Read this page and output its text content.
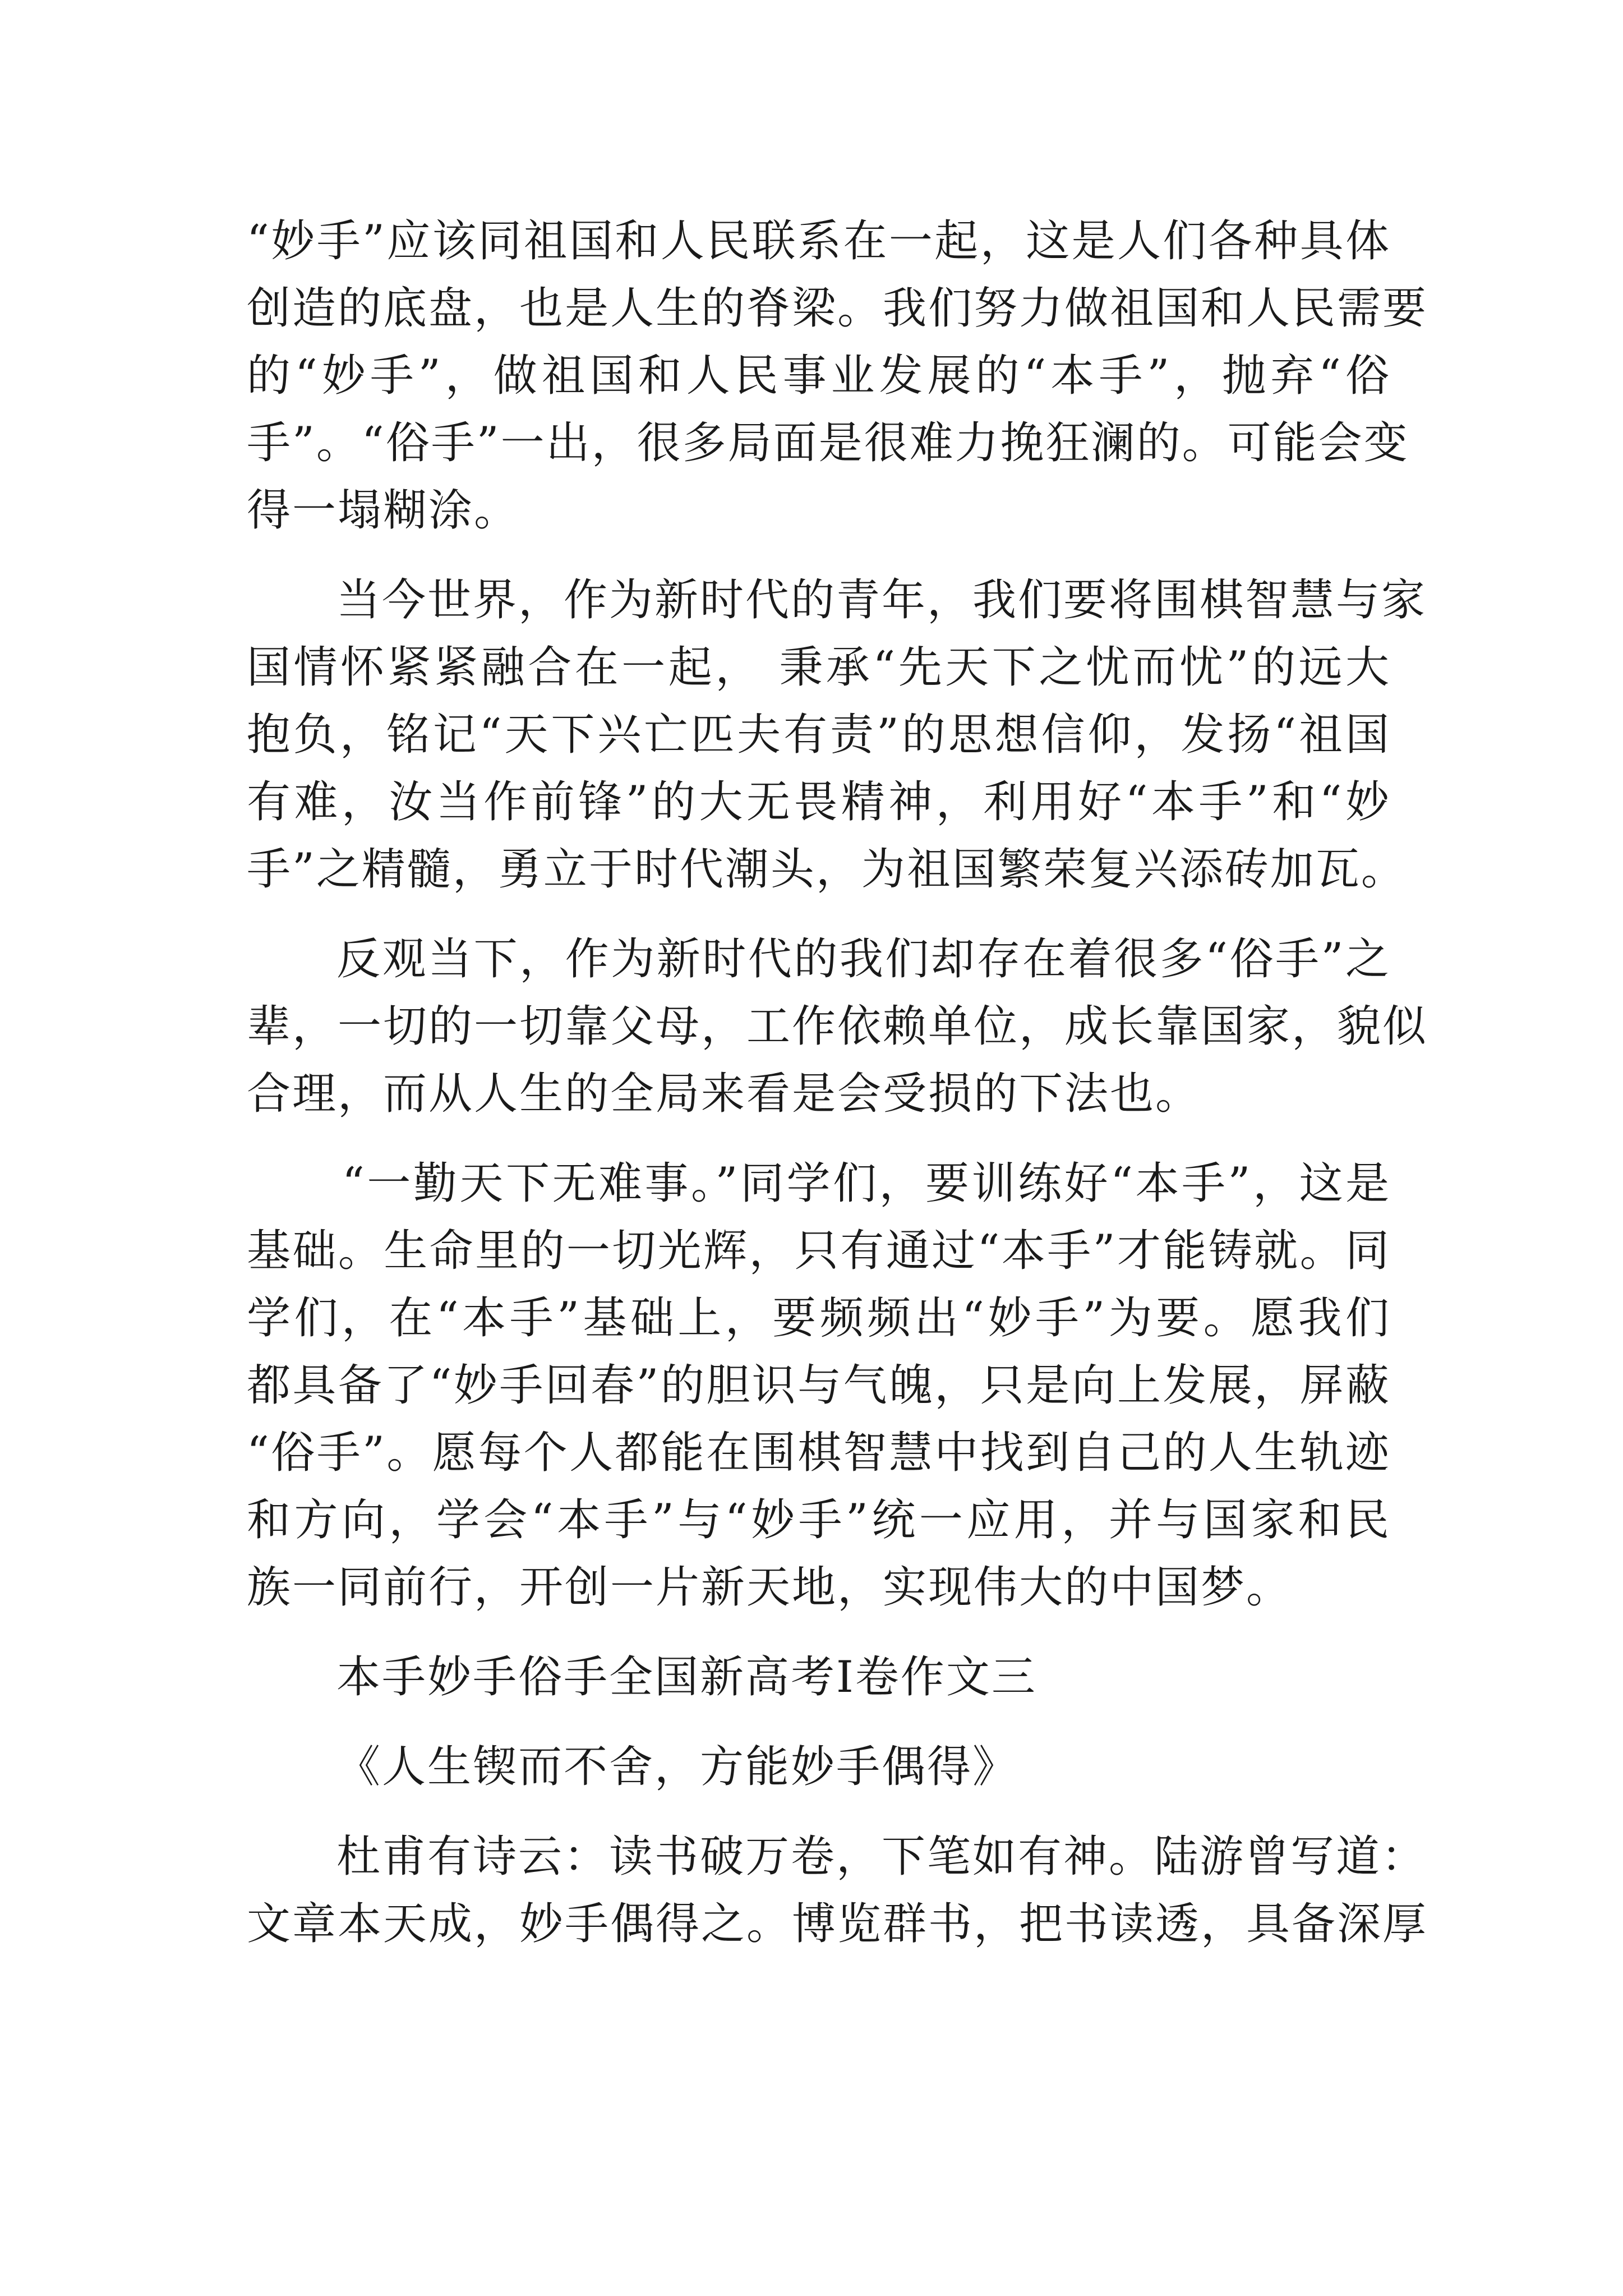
“妙手”应该同祖国和人民联系在一起，这是人们各种具体
创造的底盘，也是人生的脊梁。我们努力做祖国和人民需要
的“妙手”，做祖国和人民事业发展的“本手”，抛弃“俗
手”。“俗手”一出，很多局面是很难力挽狂澜的。可能会变
得一塌糊涂。
当今世界，作为新时代的青年，我们要将围棋智慧与家
国情怀紧紧融合在一起， 秉承“先天下之忧而忧”的远大
抱负，铭记“天下兴亡匹夫有责”的思想信仰，发扬“祖国
有难，汝当作前锋”的大无畏精神，利用好“本手”和“妙
手”之精髓，勇立于时代潮头，为祖国繁荣复兴添砖加瓦。
反观当下，作为新时代的我们却存在着很多“俗手”之
辈，一切的一切靠父母，工作依赖单位，成长靠国家，貌似
合理，而从人生的全局来看是会受损的下法也。
“一勤天下无难事。”同学们，要训练好“本手”，这是
基础。生命里的一切光辉，只有通过“本手”才能铸就。同
学们，在“本手”基础上，要频频出“妙手”为要。愿我们
都具备了“妙手回春”的胆识与气魄，只是向上发展，屏蔽
“俗手”。愿每个人都能在围棋智慧中找到自己的人生轨迹
和方向，学会“本手”与“妙手”统一应用，并与国家和民
族一同前行，开创一片新天地，实现伟大的中国梦。
本手妙手俗手全国新高考Ⅰ卷作文三
《人生锲而不舍，方能妙手偶得》
杜甫有诗云：读书破万卷，下笔如有神。陆游曾写道：
文章本天成，妙手偶得之。博览群书，把书读透，具备深厚
